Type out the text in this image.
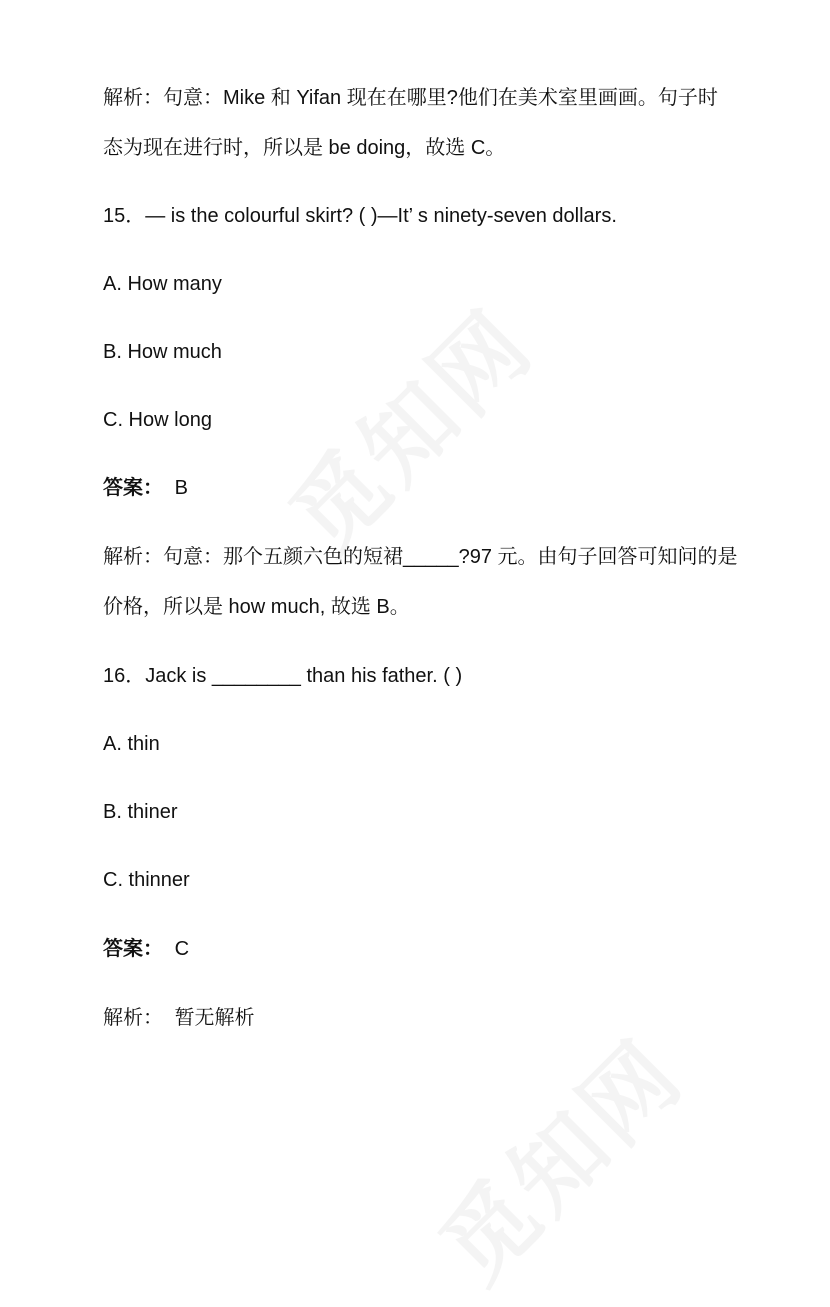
解析：句意：Mike 和 Yifan 现在在哪里?他们在美术室里画画。句子时
态为现在进行时，所以是 be doing，故选 C。
15．— is the colourful skirt? ( )—It’ s ninety-seven dollars.
A. How many
B. How much
C. How long
答案： B
解析：句意：那个五颜六色的短裙_____?97 元。由句子回答可知问的是
价格，所以是 how much, 故选 B。
16．Jack is ________ than his father. ( )
A. thin
B. thiner
C. thinner
答案： C
解析： 暂无解析
